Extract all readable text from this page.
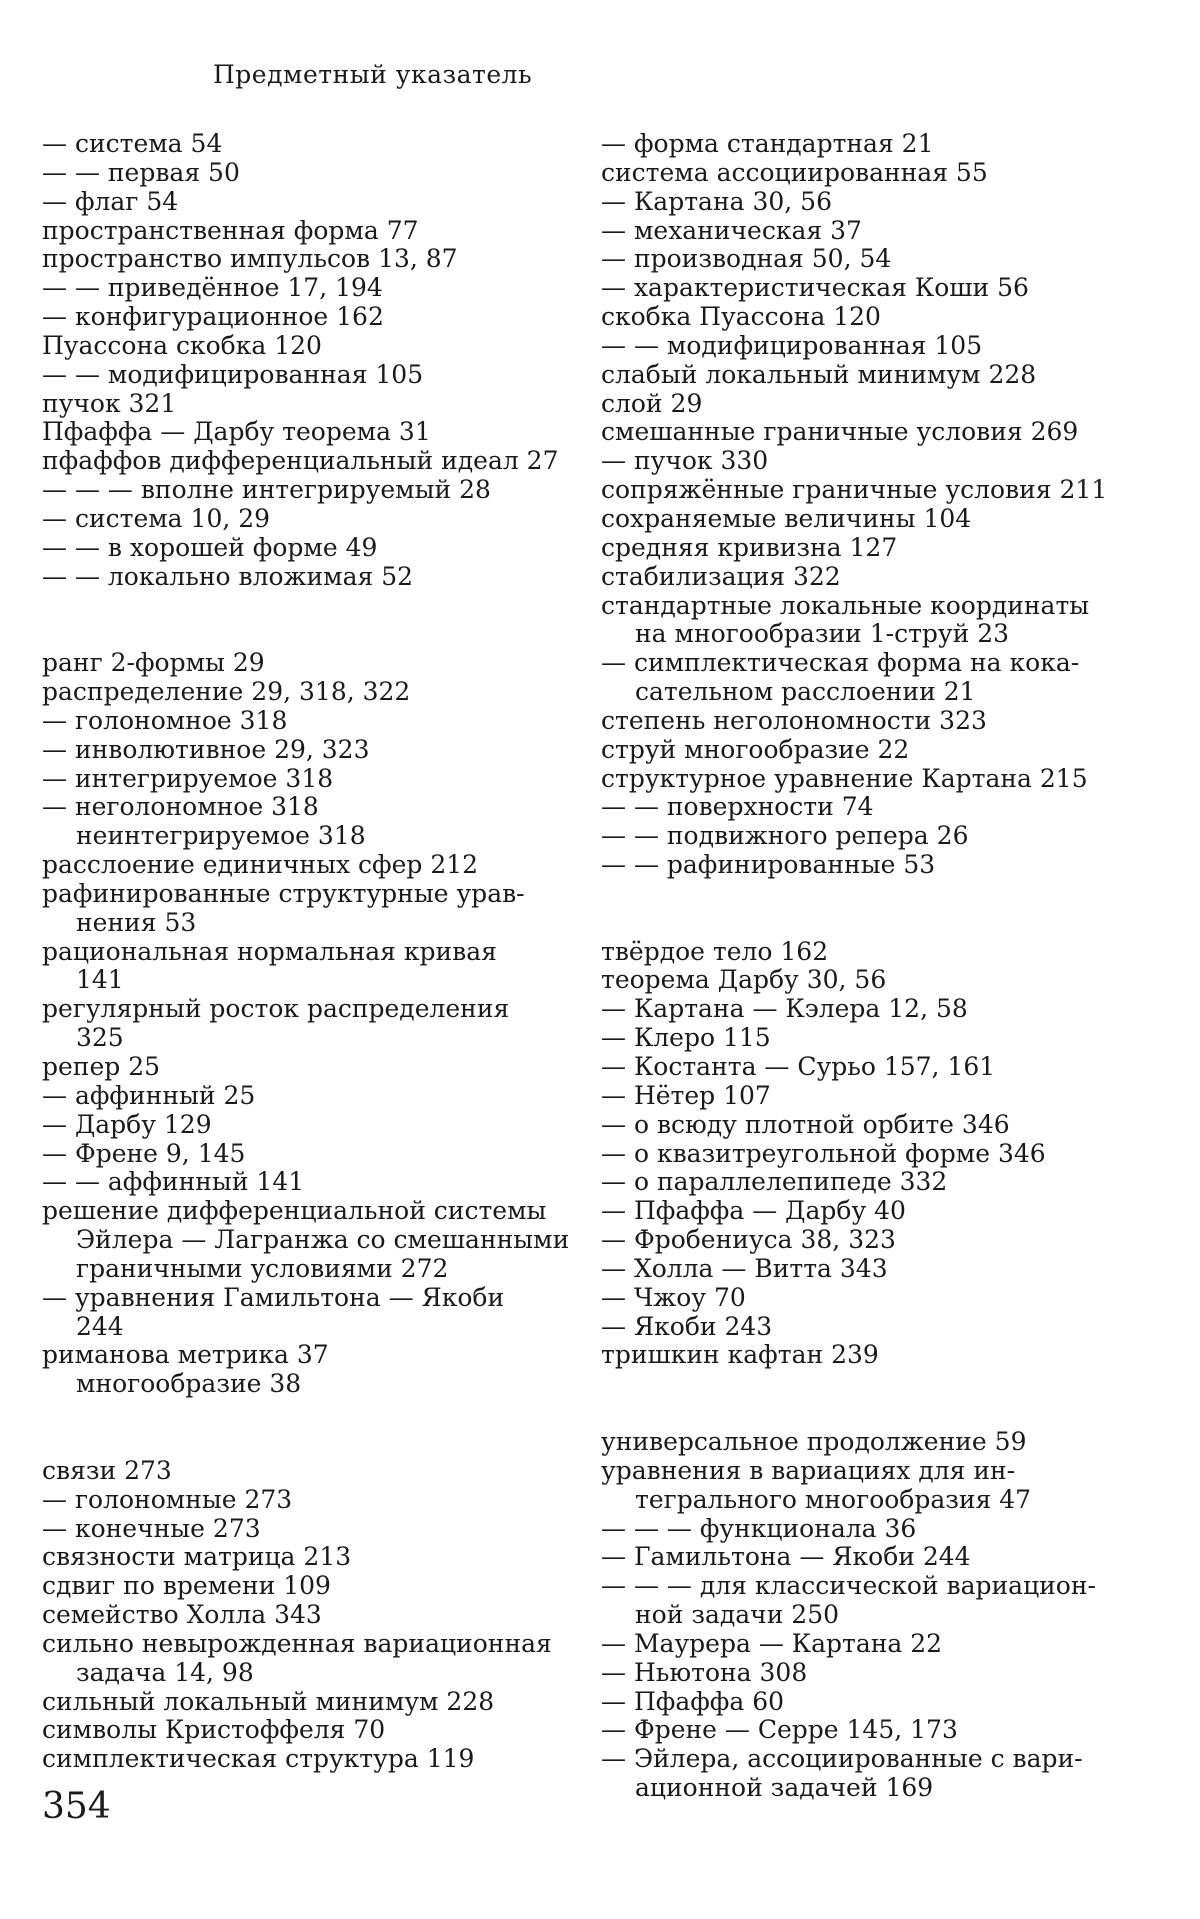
Предметный указатель
— система 54
— — первая 50
— флаг 54
пространственная форма 77
пространство импульсов 13, 87
— — приведённое 17, 194
— конфигурационное 162
Пуассона скобка 120
— — модифицированная 105
пучок 321
Пфаффа — Дарбу теорема 31
пфаффов дифференциальный идеал 27
— — — вполне интегрируемый 28
— система 10, 29
— — в хорошей форме 49
— — локально вложимая 52
ранг 2-формы 29
распределение 29, 318, 322
— голономное 318
— инволютивное 29, 323
— интегрируемое 318
— неголономное 318
неинтегрируемое 318
расслоение единичных сфер 212
рафинированные структурные урав-
нения 53
рациональная нормальная кривая
141
регулярный росток распределения
325
репер 25
— аффинный 25
— Дарбу 129
— Френе 9, 145
— — аффинный 141
решение дифференциальной системы
Эйлера — Лагранжа со смешанными
граничными условиями 272
— уравнения Гамильтона — Якоби
244
риманова метрика 37
многообразие 38
связи 273
— голономные 273
— конечные 273
связности матрица 213
сдвиг по времени 109
семейство Холла 343
сильно невырожденная вариационная
задача 14, 98
сильный локальный минимум 228
символы Кристоффеля 70
симплектическая структура 119
— форма стандартная 21
система ассоциированная 55
— Картана 30, 56
— механическая 37
— производная 50, 54
— характеристическая Коши 56
скобка Пуассона 120
— — модифицированная 105
слабый локальный минимум 228
слой 29
смешанные граничные условия 269
— пучок 330
сопряжённые граничные условия 211
сохраняемые величины 104
средняя кривизна 127
стабилизация 322
стандартные локальные координаты
на многообразии 1-струй 23
— симплектическая форма на кока-
сательном расслоении 21
степень неголономности 323
струй многообразие 22
структурное уравнение Картана 215
— — поверхности 74
— — подвижного репера 26
— — рафинированные 53
твёрдое тело 162
теорема Дарбу 30, 56
— Картана — Кэлера 12, 58
— Клеро 115
— Костанта — Сурьо 157, 161
— Нётер 107
— о всюду плотной орбите 346
— о квазитреугольной форме 346
— о параллелепипеде 332
— Пфаффа — Дарбу 40
— Фробениуса 38, 323
— Холла — Витта 343
— Чжоу 70
— Якоби 243
тришкин кафтан 239
универсальное продолжение 59
уравнения в вариациях для ин-
тегрального многообразия 47
— — — функционала 36
— Гамильтона — Якоби 244
— — — для классической вариацион-
ной задачи 250
— Маурера — Картана 22
— Ньютона 308
— Пфаффа 60
— Френе — Серре 145, 173
— Эйлера, ассоциированные с вари-
ационной задачей 169
354
